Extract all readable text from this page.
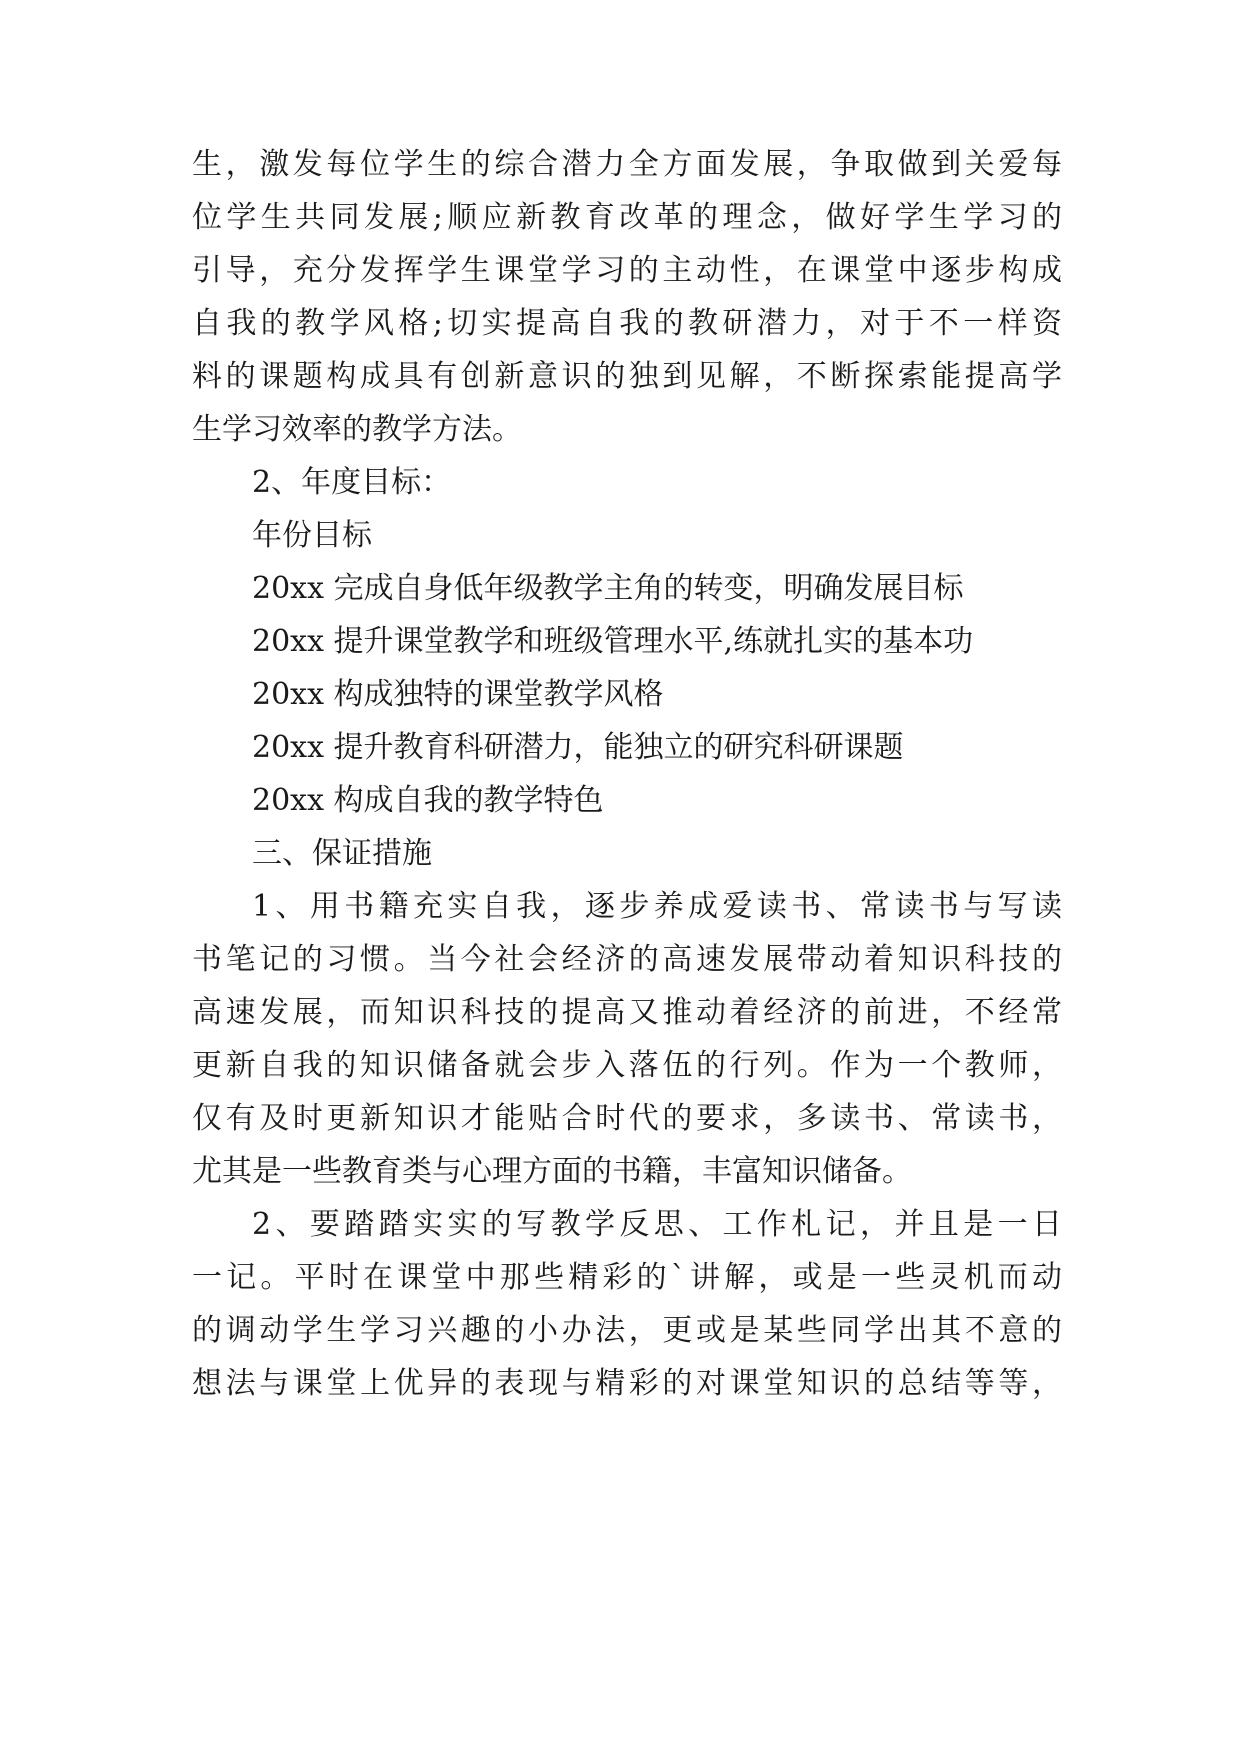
生，激发每位学生的综合潜力全方面发展，争取做到关爱每
位学生共同发展;顺应新教育改革的理念，做好学生学习的
引导，充分发挥学生课堂学习的主动性，在课堂中逐步构成
自我的教学风格;切实提高自我的教研潜力，对于不一样资
料的课题构成具有创新意识的独到见解，不断探索能提高学
生学习效率的教学方法。
2、年度目标：
年份目标
20xx 完成自身低年级教学主角的转变，明确发展目标
20xx 提升课堂教学和班级管理水平,练就扎实的基本功
20xx 构成独特的课堂教学风格
20xx 提升教育科研潜力，能独立的研究科研课题
20xx 构成自我的教学特色
三、保证措施
1、用书籍充实自我，逐步养成爱读书、常读书与写读
书笔记的习惯。当今社会经济的高速发展带动着知识科技的
高速发展，而知识科技的提高又推动着经济的前进，不经常
更新自我的知识储备就会步入落伍的行列。作为一个教师，
仅有及时更新知识才能贴合时代的要求，多读书、常读书，
尤其是一些教育类与心理方面的书籍，丰富知识储备。
2、要踏踏实实的写教学反思、工作札记，并且是一日
一记。平时在课堂中那些精彩的`讲解，或是一些灵机而动
的调动学生学习兴趣的小办法，更或是某些同学出其不意的
想法与课堂上优异的表现与精彩的对课堂知识的总结等等，
